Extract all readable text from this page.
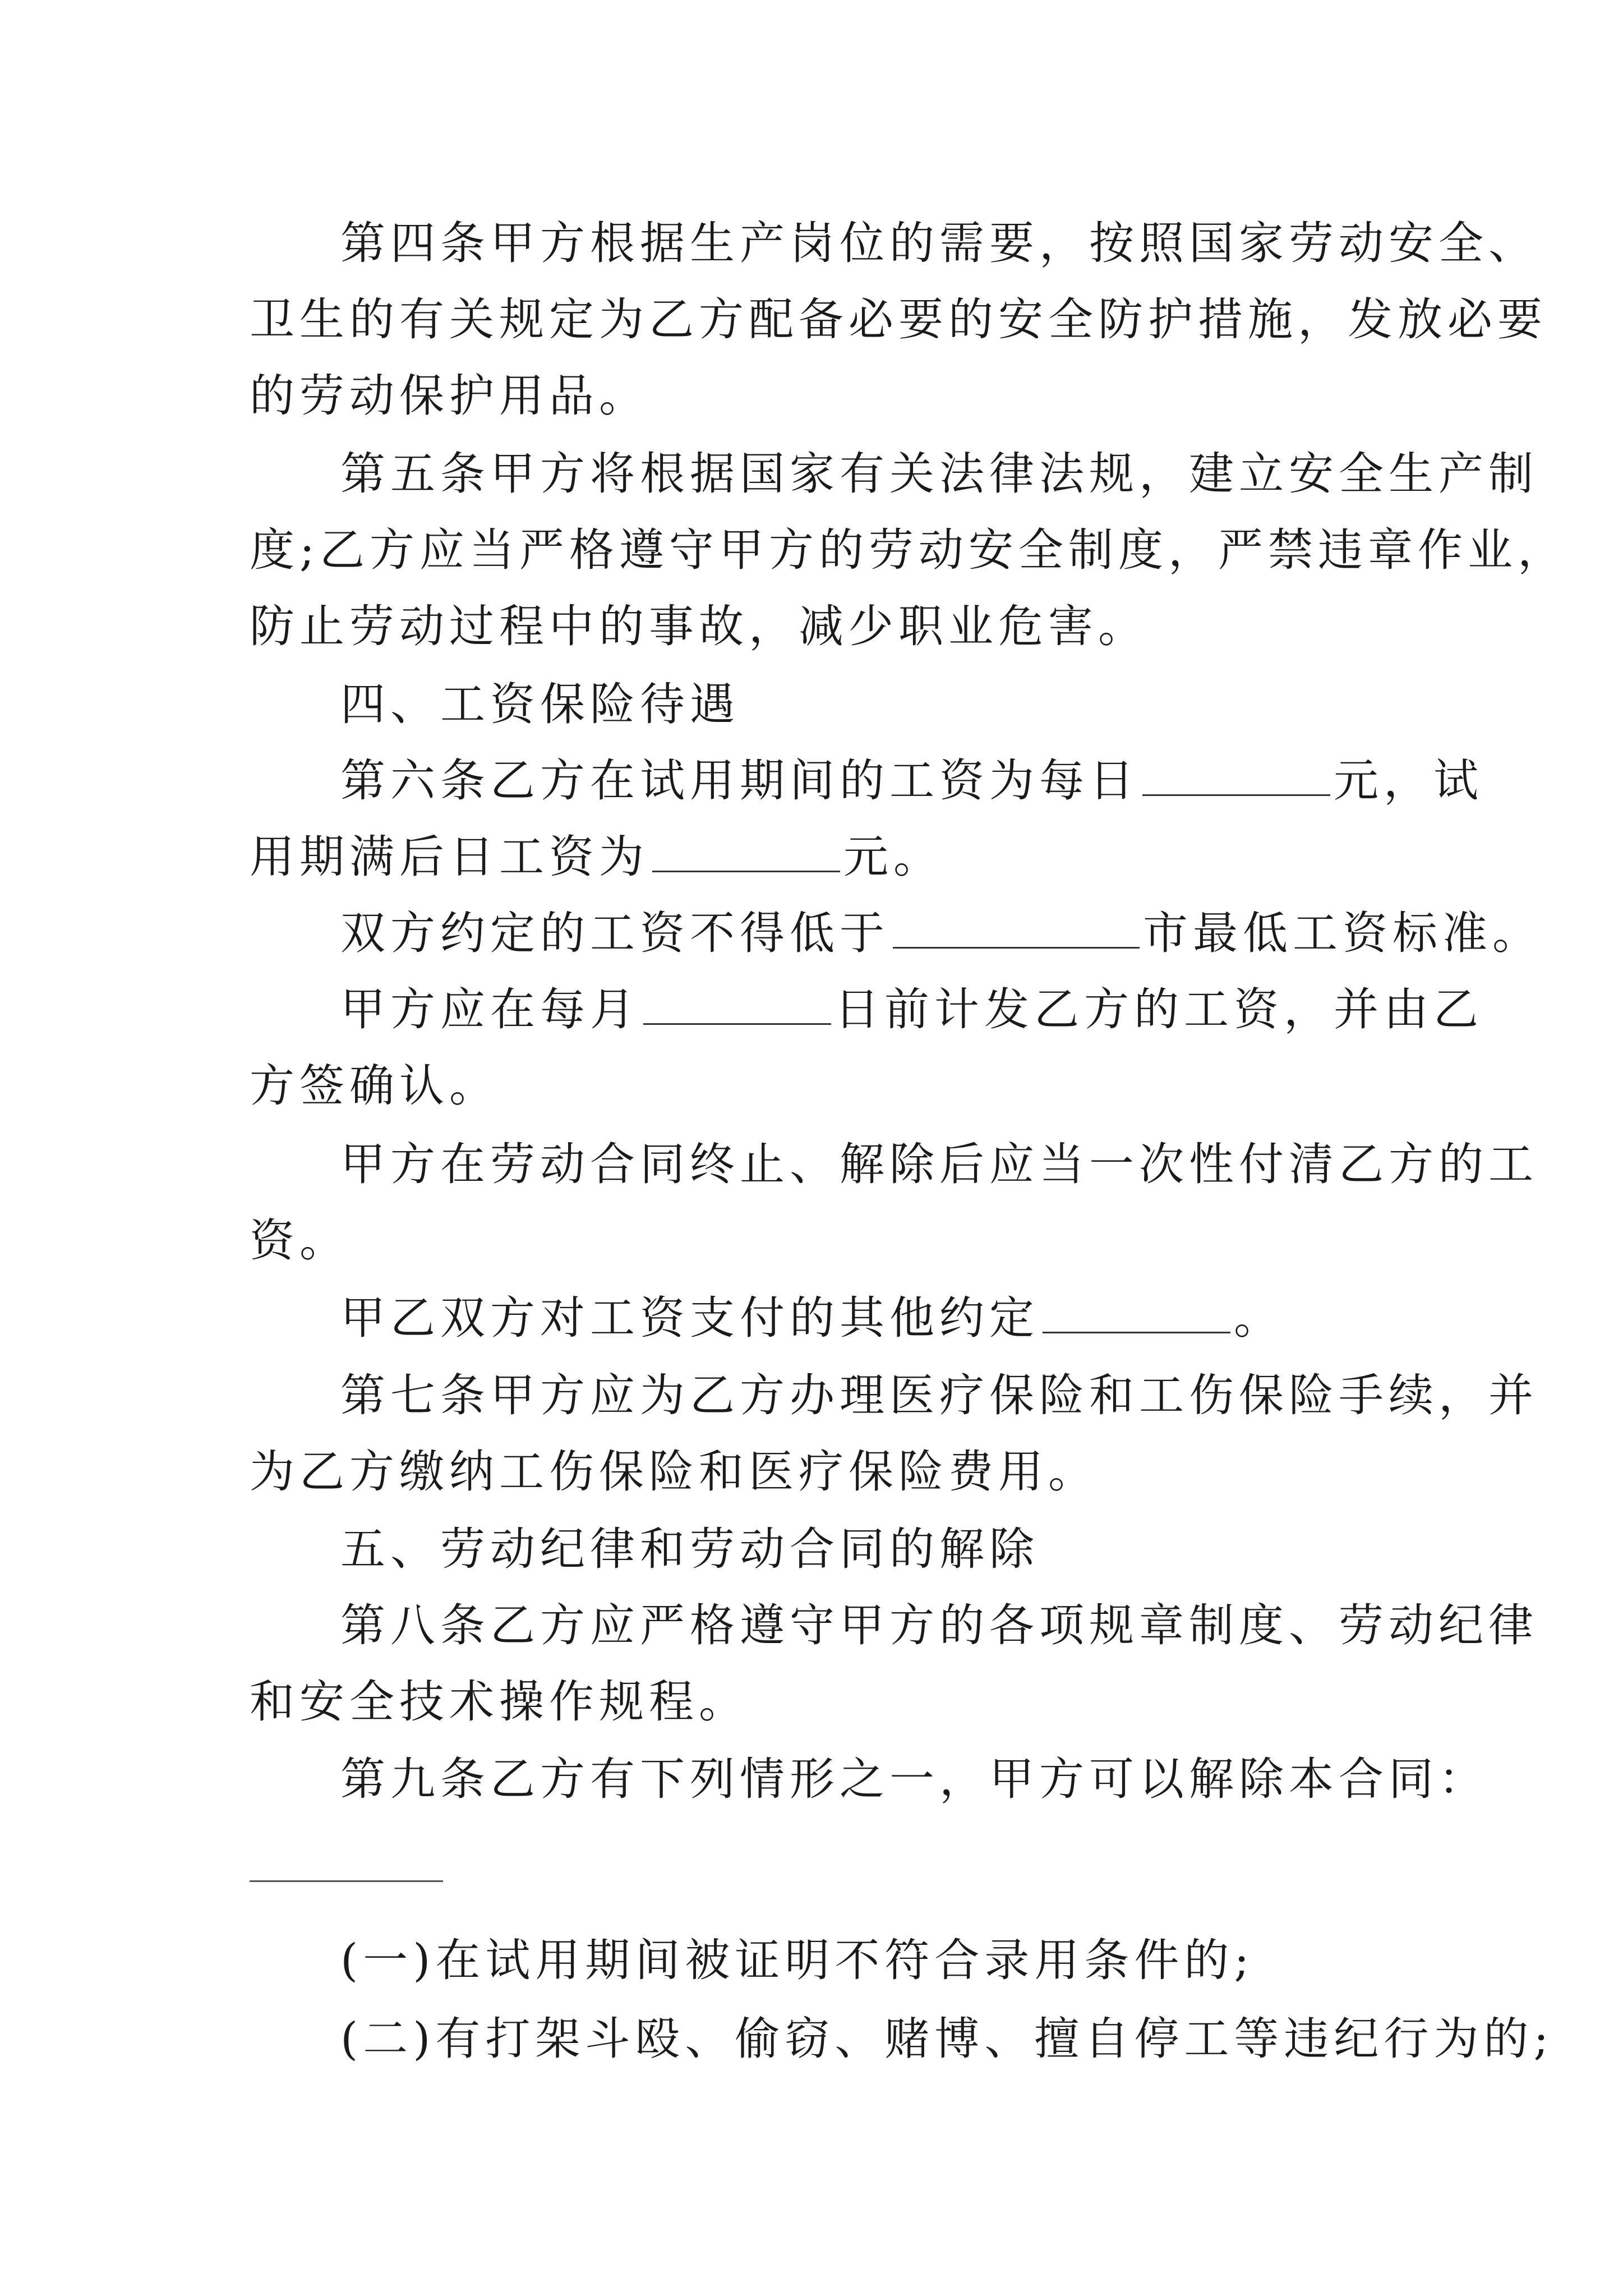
第四条甲方根据生产岗位的需要，按照国家劳动安全、
卫生的有关规定为乙方配备必要的安全防护措施，发放必要
的劳动保护用品。
第五条甲方将根据国家有关法律法规，建立安全生产制
度;乙方应当严格遵守甲方的劳动安全制度，严禁违章作业，
防止劳动过程中的事故，减少职业危害。
四、工资保险待遇
第六条乙方在试用期间的工资为每日	元，试
用期满后日工资为	元。
双方约定的工资不得低于	市最低工资标准。
甲方应在每月	日前计发乙方的工资，并由乙
方签确认。
甲方在劳动合同终止、解除后应当一次性付清乙方的工
资。
甲乙双方对工资支付的其他约定	。
第七条甲方应为乙方办理医疗保险和工伤保险手续，并
为乙方缴纳工伤保险和医疗保险费用。
五、劳动纪律和劳动合同的解除
第八条乙方应严格遵守甲方的各项规章制度、劳动纪律
和安全技术操作规程。
第九条乙方有下列情形之一，甲方可以解除本合同：
(一)在试用期间被证明不符合录用条件的;
(二)有打架斗殴、偷窃、赌博、擅自停工等违纪行为的;
